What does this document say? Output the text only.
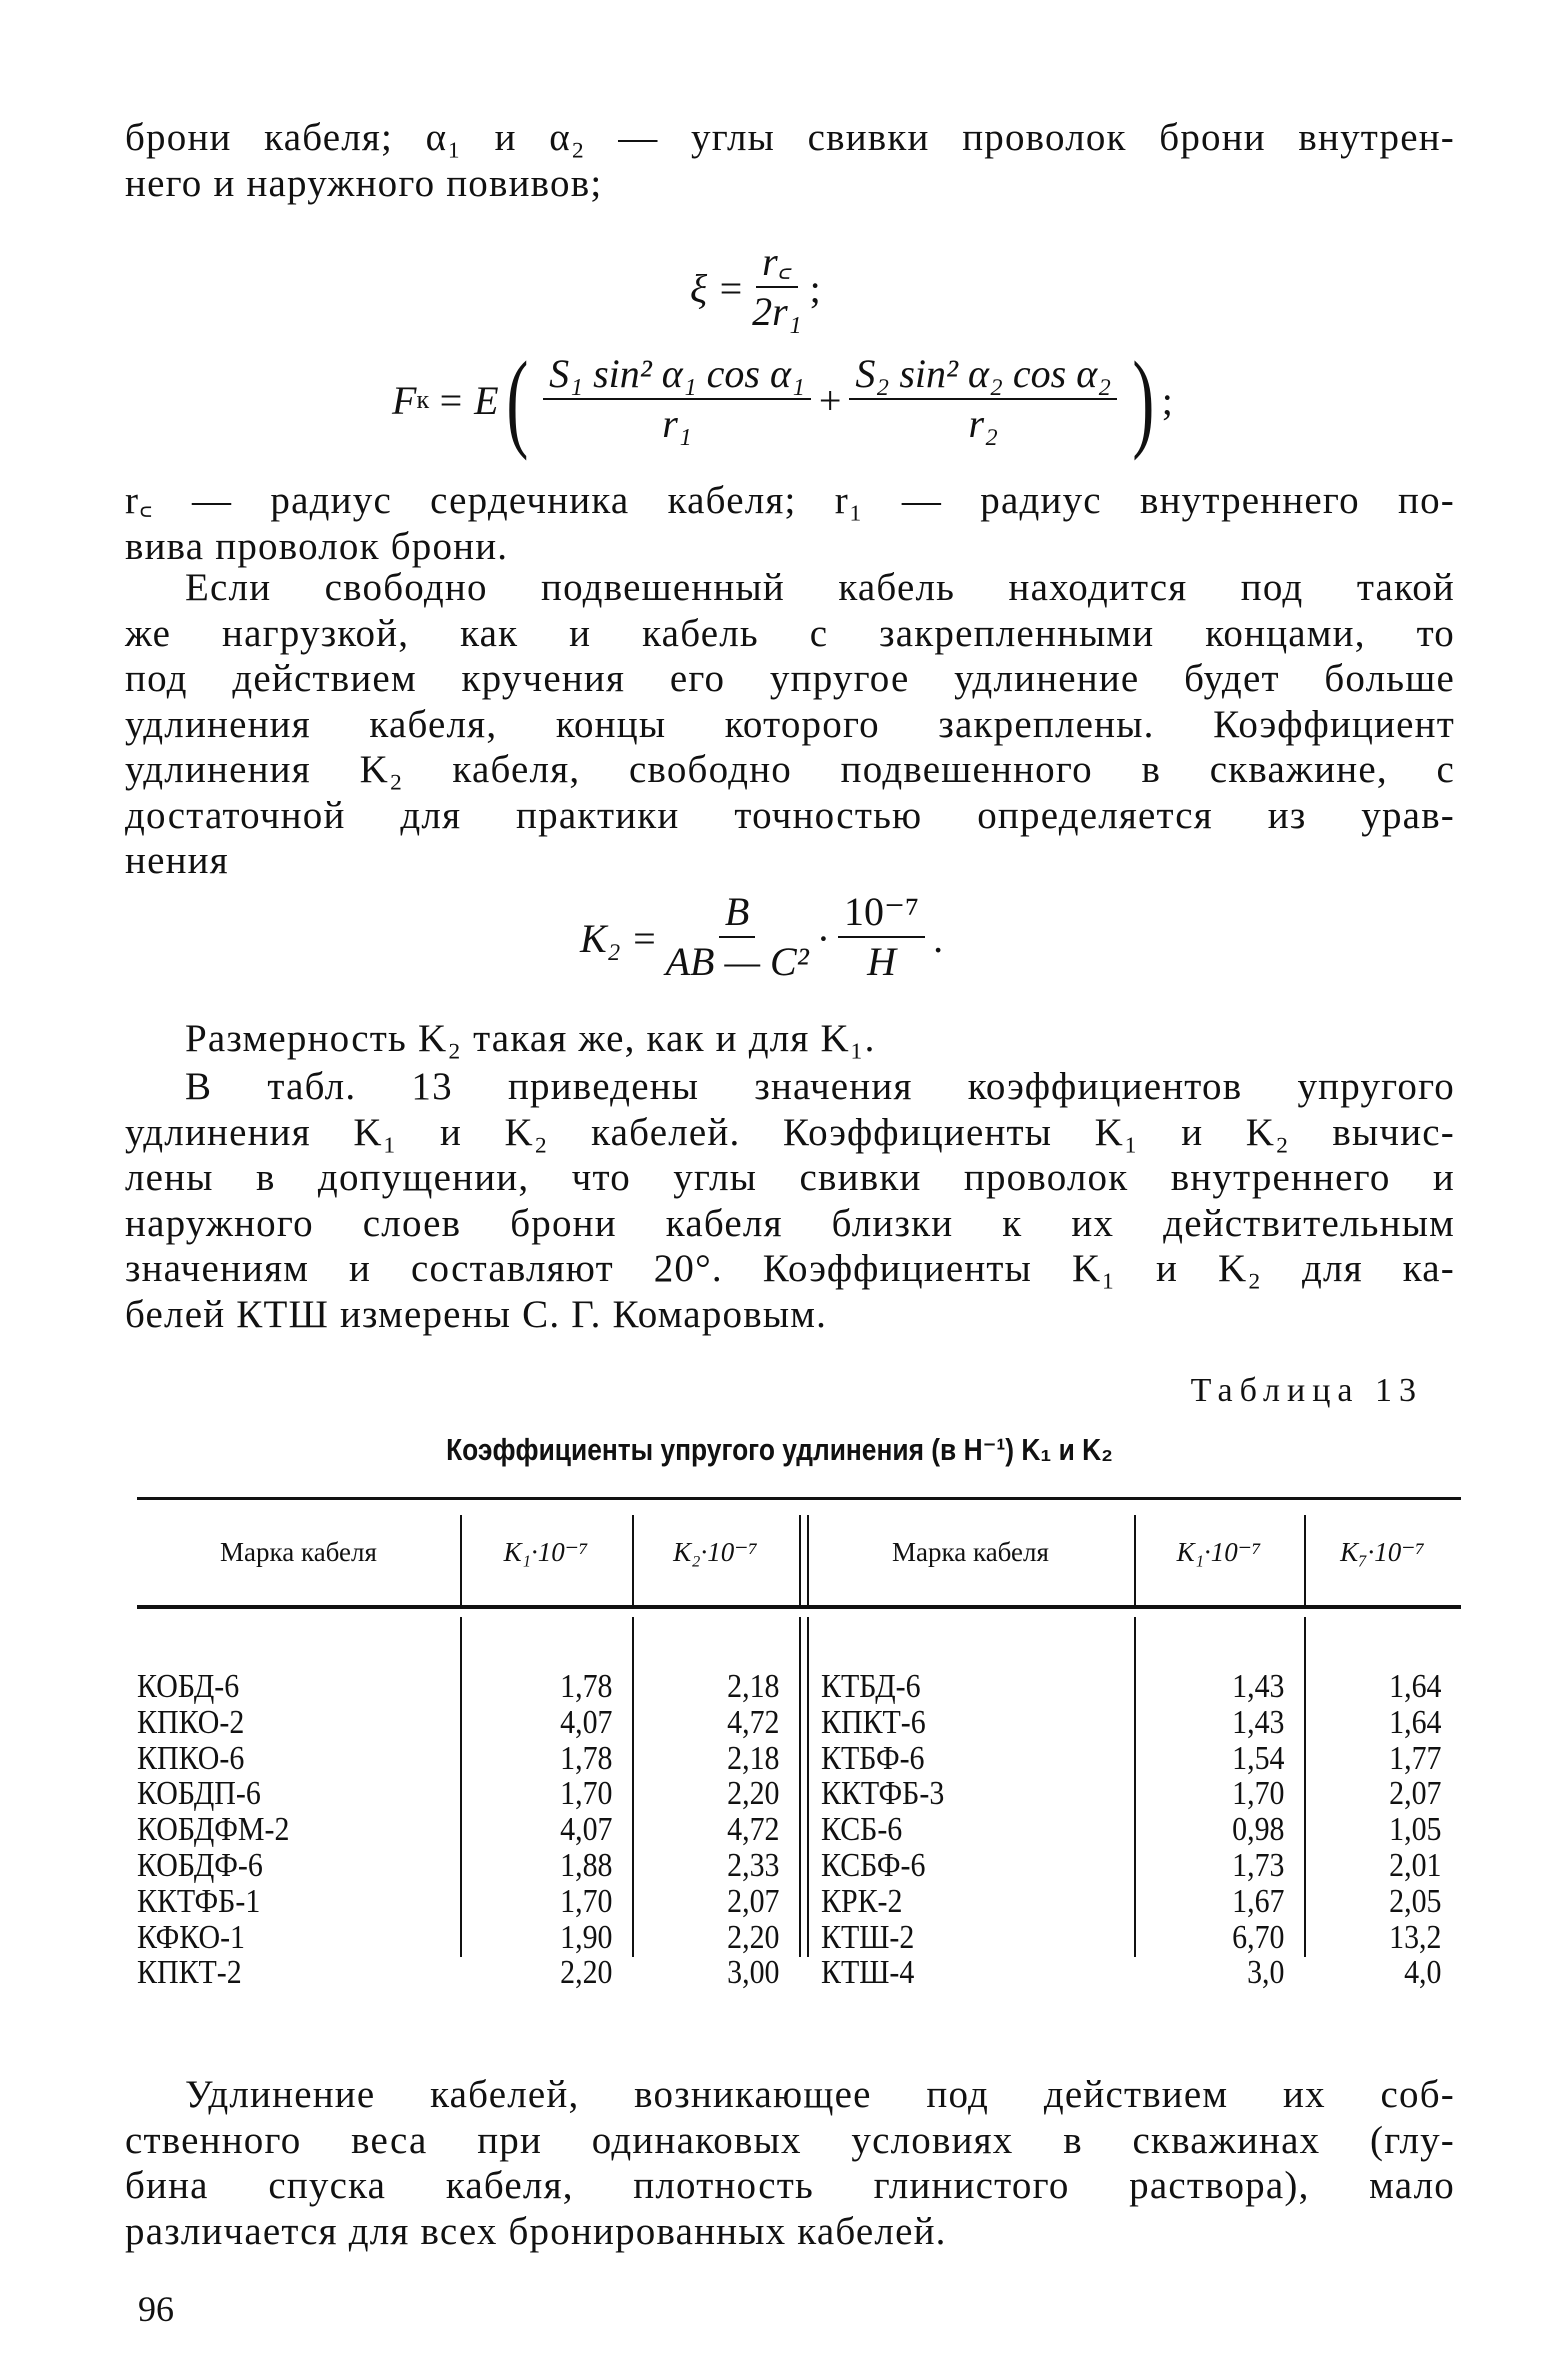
брони кабеля; α₁ и α₂ — углы свивки проволок брони внутрен-
него и наружного повивов;
$\xi = \frac{r꜀}{\text{2r₁}}$ ;
F к = E ( $\frac{\text{S₁ sin² α₁ cos α₁}}{\text{r₁}} + \frac{\text{S₂ sin² α₂ cos α₂}}{\text{r₂}}$ ) ;
r꜀ — радиус сердечника кабеля; r₁ — радиус внутреннего по-
вива проволок брони.
Если свободно подвешенный кабель находится под такой
же нагрузкой, как и кабель с закрепленными концами, то
под действием кручения его упругое удлинение будет больше
удлинения кабеля, концы которого закреплены. Коэффициент
удлинения K₂ кабеля, свободно подвешенного в скважине, с
достаточной для практики точностью определяется из урав-
нения
$K_2 = \frac{B}{\text{AB — C²}} \cdot \frac{\text{10⁻⁷}}{H}$ .
Размерность K₂ такая же, как и для K₁.
В табл. 13 приведены значения коэффициентов упругого
удлинения K₁ и K₂ кабелей. Коэффициенты K₁ и K₂ вычис-
лены в допущении, что углы свивки проволок внутреннего и
наружного слоев брони кабеля близки к их действительным
значениям и составляют 20°. Коэффициенты K₁ и K₂ для ка-
белей КТШ измерены С. Г. Комаровым.
Таблица 13
Коэффициенты упругого удлинения (в Н⁻¹) K₁ и K₂
Марка кабеля	K₁·10⁻⁷	K₂·10⁻⁷	Марка кабеля	K₁·10⁻⁷	K₇·10⁻⁷
КОБД-6	1,78	2,18 КТБД-6	1,43	1,64
КПКО-2	4,07	4,72 КПКТ-6	1,43	1,64
КПКО-6	1,78	2,18 КТБФ-6	1,54	1,77
КОБДП-6	1,70	2,20 ККТФБ-3	1,70	2,07
КОБДФМ-2	4,07	4,72 КСБ-6	0,98	1,05
КОБДФ-6	1,88	2,33 КСБФ-6	1,73	2,01
ККТФБ-1	1,70	2,07 КРК-2	1,67	2,05
КФКО-1	1,90	2,20 КТШ-2	6,70	13,2
КПКТ-2	2,20	3,00 КТШ-4	3,0	4,0
Удлинение кабелей, возникающее под действием их соб-
ственного веса при одинаковых условиях в скважинах (глу-
бина спуска кабеля, плотность глинистого раствора), мало
различается для всех бронированных кабелей.
96
